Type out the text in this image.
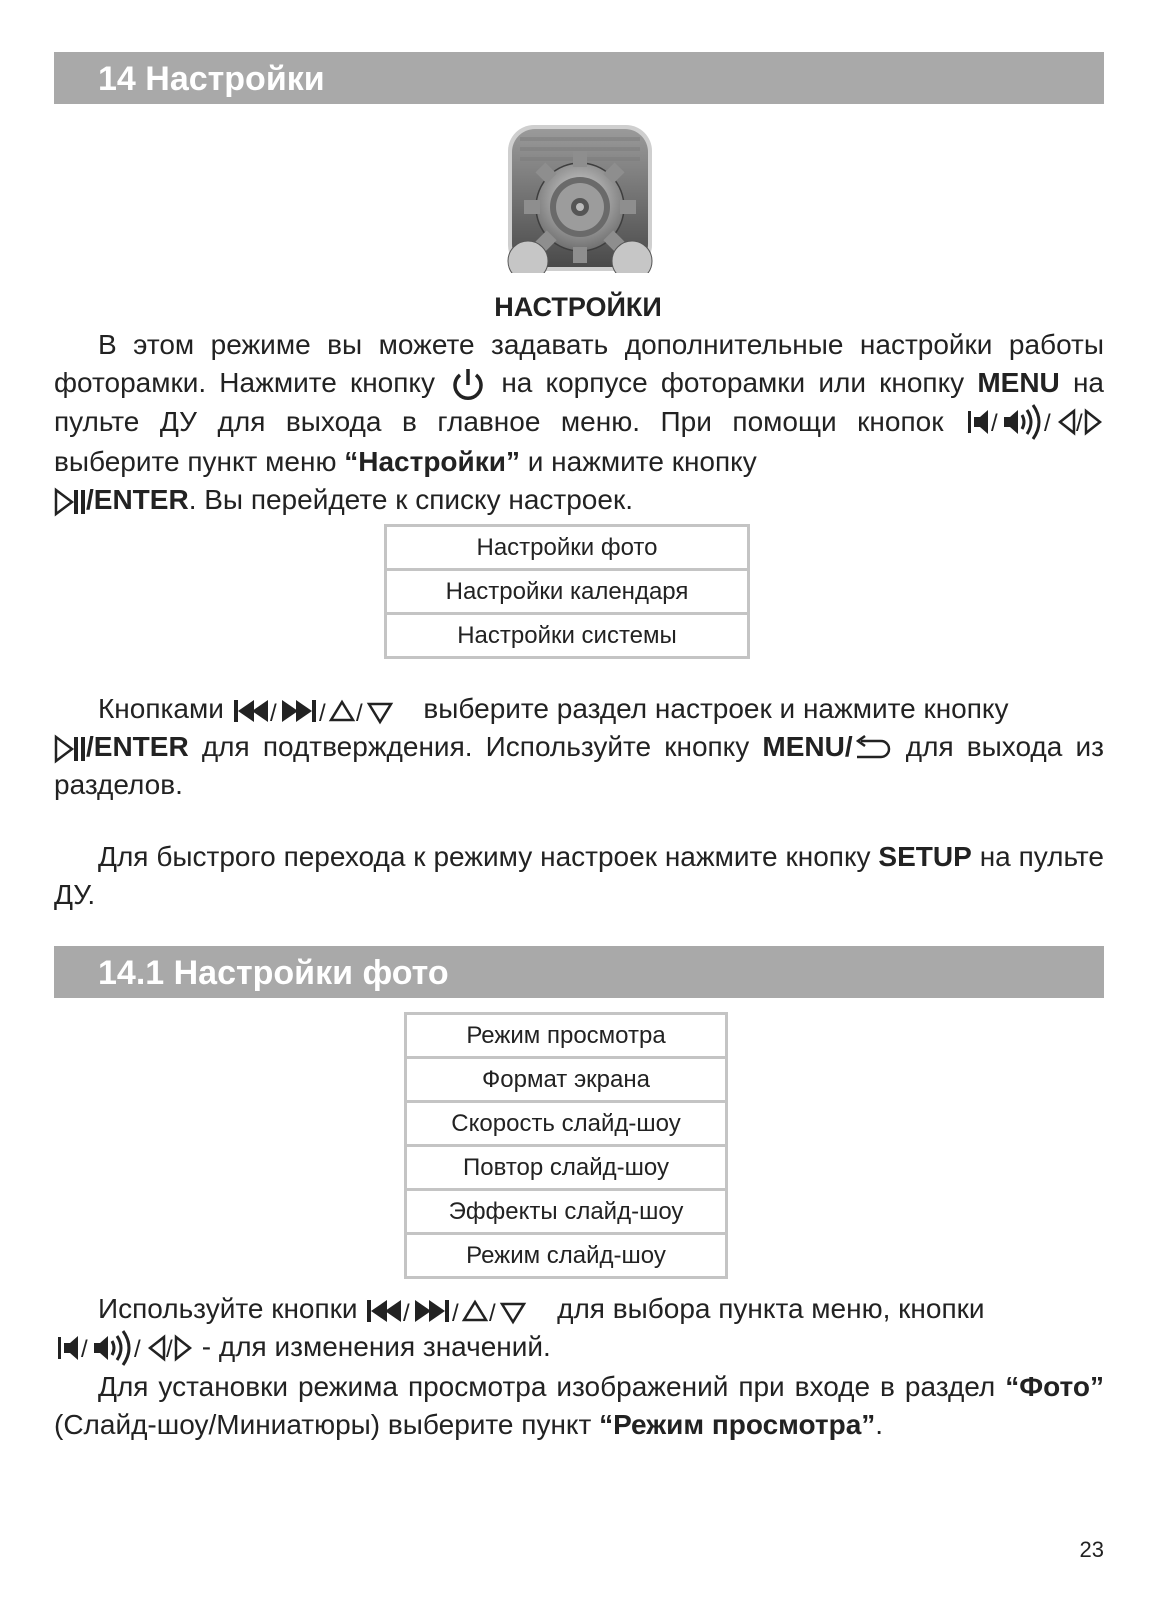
14 Настройки
НАСТРОЙКИ

В этом режиме вы можете задавать дополнительные настройки работы фоторамки. Нажмите кнопку на корпусе фоторамки или кнопку MENU на пульте ДУ для выхода в главное меню. При помощи кнопок / / /
выберите пункт меню “Настройки” и нажмите кнопку

/ENTER. Вы перейдете к списку настроек.
Настройки фото
Настройки календаря
Настройки системы

Кнопками / / / выберите раздел настроек и нажмите кнопку

/ENTER для подтверждения. Используйте кнопку MENU/ для выхода из разделов.

Для быстрого перехода к режиму настроек нажмите кнопку SETUP на пульте ДУ.

14.1 Настройки фото
Режим просмотра
Формат экрана
Скорость слайд-шоу
Повтор слайд-шоу
Эффекты слайд-шоу
Режим слайд-шоу

Используйте кнопки / / / для выбора пункта меню, кнопки

/ / / - для изменения значений.

Для установки режима просмотра изображений при входе в раздел “Фото” (Слайд-шоу/Миниатюры) выберите пункт “Режим просмотра”.

23
